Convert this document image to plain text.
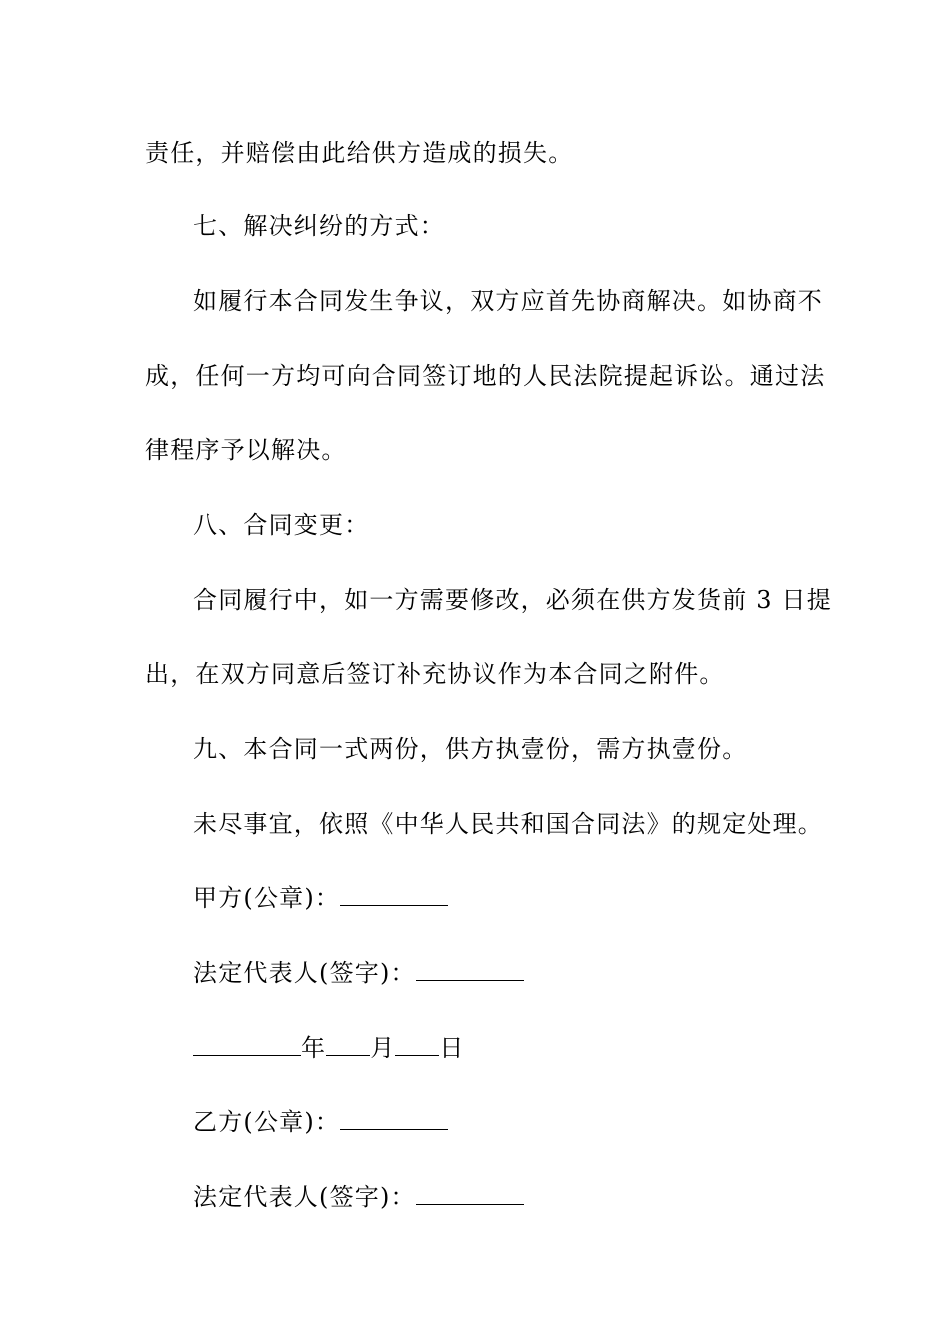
责任，并赔偿由此给供方造成的损失。
七、解决纠纷的方式：
如履行本合同发生争议，双方应首先协商解决。如协商不
成，任何一方均可向合同签订地的人民法院提起诉讼。通过法
律程序予以解决。
八、合同变更：
合同履行中，如一方需要修改，必须在供方发货前 3 日提
出，在双方同意后签订补充协议作为本合同之附件。
九、本合同一式两份，供方执壹份，需方执壹份。
未尽事宜，依照《中华人民共和国合同法》的规定处理。
甲方(公章)：
法定代表人(签字)：
年 月 日
乙方(公章)：
法定代表人(签字)：
